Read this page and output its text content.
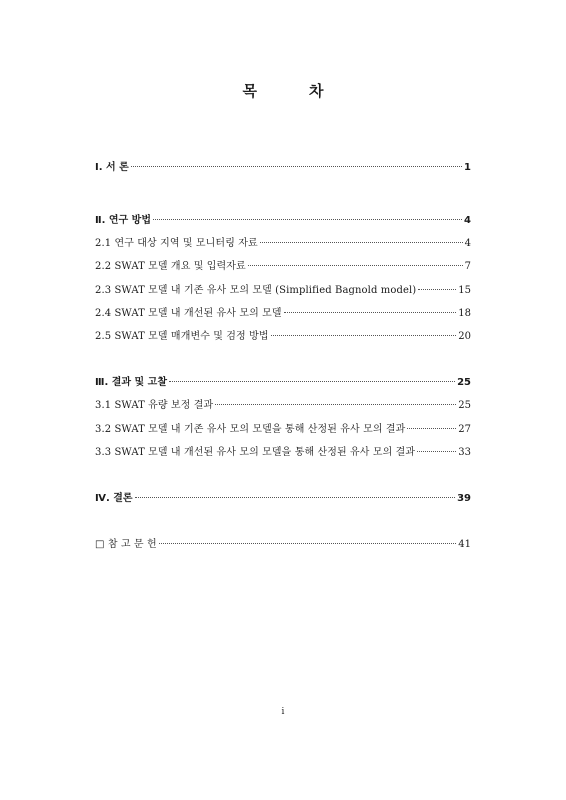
목	차
Ⅰ. 서 론	1
Ⅱ. 연구 방법	4
2.1 연구 대상 지역 및 모니터링 자료	4
2.2 SWAT 모델 개요 및 입력자료	7
2.3 SWAT 모델 내 기존 유사 모의 모델 (Simplified Bagnold model)	15
2.4 SWAT 모델 내 개선된 유사 모의 모델	18
2.5 SWAT 모델 매개변수 및 검정 방법	20
Ⅲ. 결과 및 고찰	25
3.1 SWAT 유량 보정 결과	25
3.2 SWAT 모델 내 기존 유사 모의 모델을 통해 산정된 유사 모의 결과	27
3.3 SWAT 모델 내 개선된 유사 모의 모델을 통해 산정된 유사 모의 결과	33
Ⅳ. 결론	39
□ 참 고 문 헌	41
i
